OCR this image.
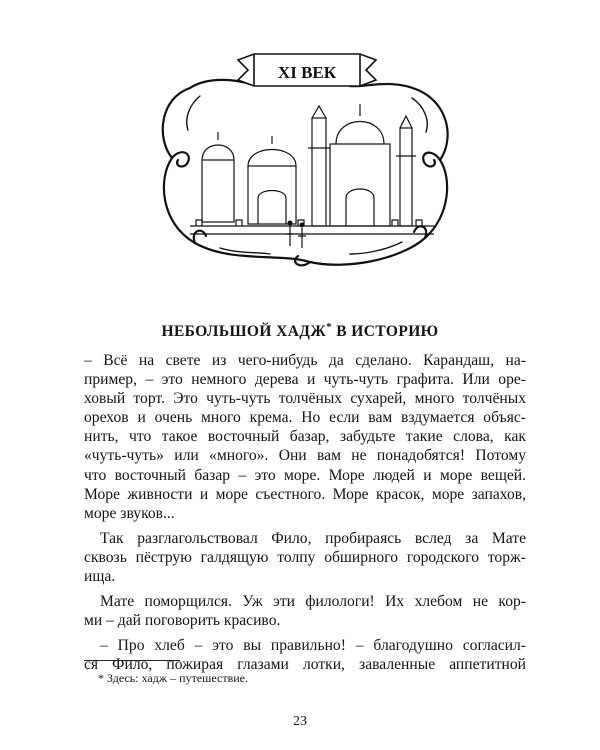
XI ВЕК
НЕБОЛЬШОЙ ХАДЖ* В ИСТОРИЮ

– Всё на свете из чего-нибудь да сделано. Карандаш, на-
пример, – это немного дерева и чуть-чуть графита. Или оре-
ховый торт. Это чуть-чуть толчёных сухарей, много толчёных
орехов и очень много крема. Но если вам вздумается объяс-
нить, что такое восточный базар, забудьте такие слова, как
«чуть-чуть» или «много». Они вам не понадобятся! Потому
что восточный базар – это море. Море людей и море вещей.
Море живности и море съестного. Море красок, море запахов,
море звуков...

Так разглагольствовал Фило, пробираясь вслед за Мате
сквозь пёструю галдящую толпу обширного городского торж-
ища.

Мате поморщился. Уж эти филологи! Их хлебом не кор-
ми – дай поговорить красиво.

– Про хлеб – это вы правильно! – благодушно согласил-
ся Фило, пожирая глазами лотки, заваленные аппетитной

* Здесь: хадж – путешествие.
23
